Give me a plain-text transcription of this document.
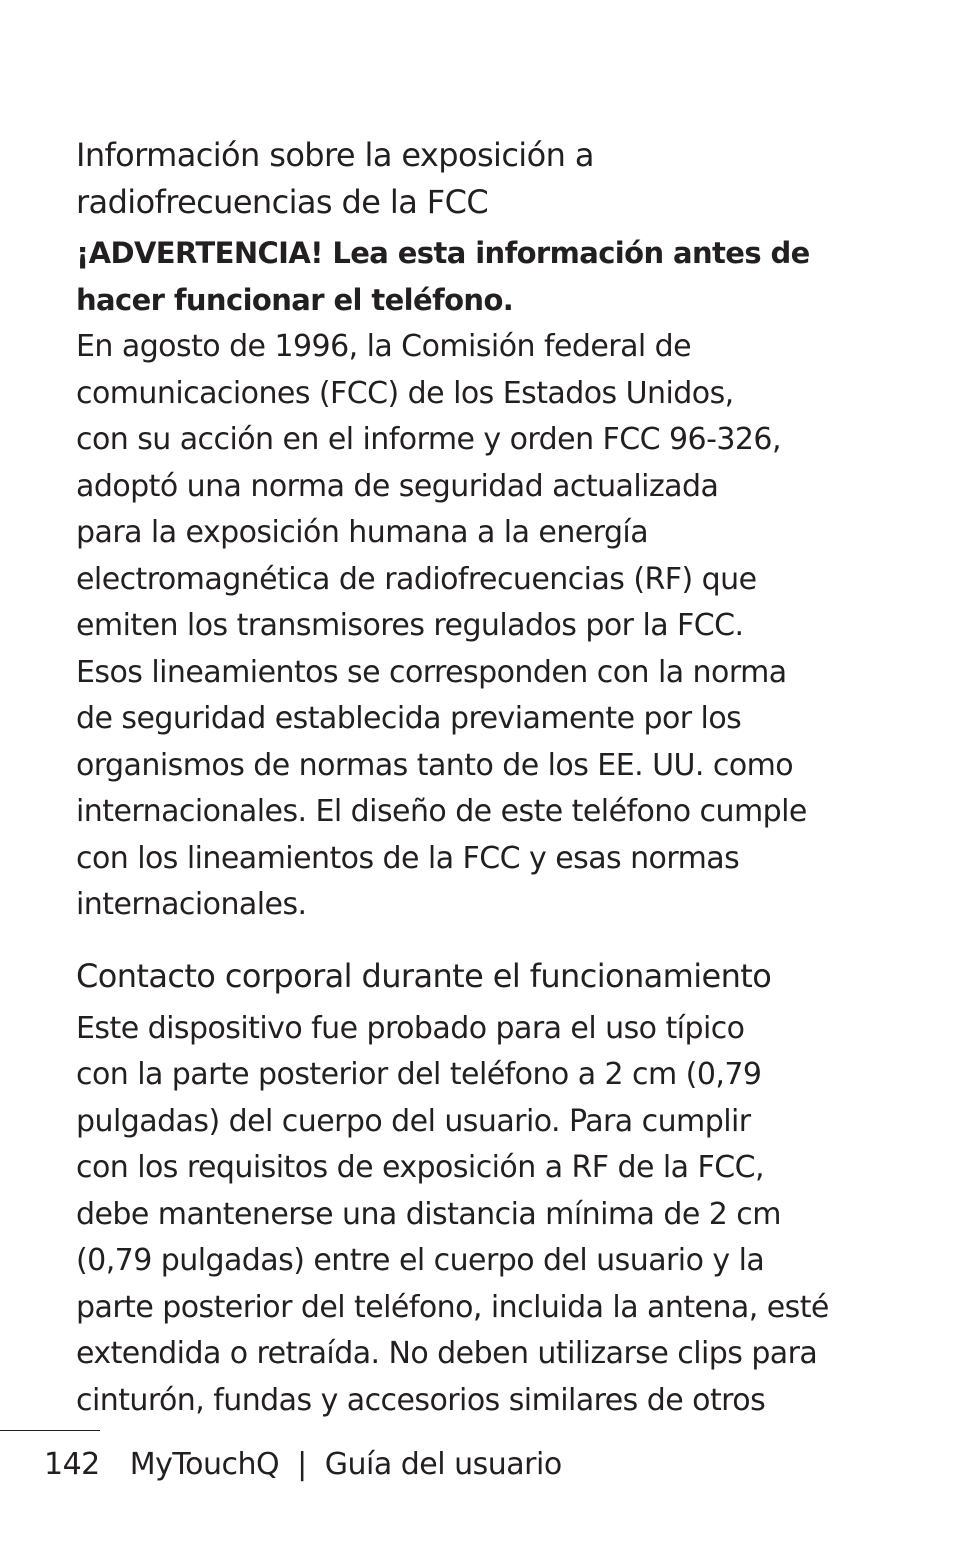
Información sobre la exposición a
radiofrecuencias de la FCC

¡ADVERTENCIA! Lea esta información antes de
hacer funcionar el teléfono.

En agosto de 1996, la Comisión federal de
comunicaciones (FCC) de los Estados Unidos,
con su acción en el informe y orden FCC 96-326,
adoptó una norma de seguridad actualizada
para la exposición humana a la energía
electromagnética de radiofrecuencias (RF) que
emiten los transmisores regulados por la FCC.
Esos lineamientos se corresponden con la norma
de seguridad establecida previamente por los
organismos de normas tanto de los EE. UU. como
internacionales. El diseño de este teléfono cumple
con los lineamientos de la FCC y esas normas
internacionales.

Contacto corporal durante el funcionamiento

Este dispositivo fue probado para el uso típico
con la parte posterior del teléfono a 2 cm (0,79
pulgadas) del cuerpo del usuario. Para cumplir
con los requisitos de exposición a RF de la FCC,
debe mantenerse una distancia mínima de 2 cm
(0,79 pulgadas) entre el cuerpo del usuario y la
parte posterior del teléfono, incluida la antena, esté
extendida o retraída. No deben utilizarse clips para
cinturón, fundas y accesorios similares de otros

142 MyTouchQ | Guía del usuario
